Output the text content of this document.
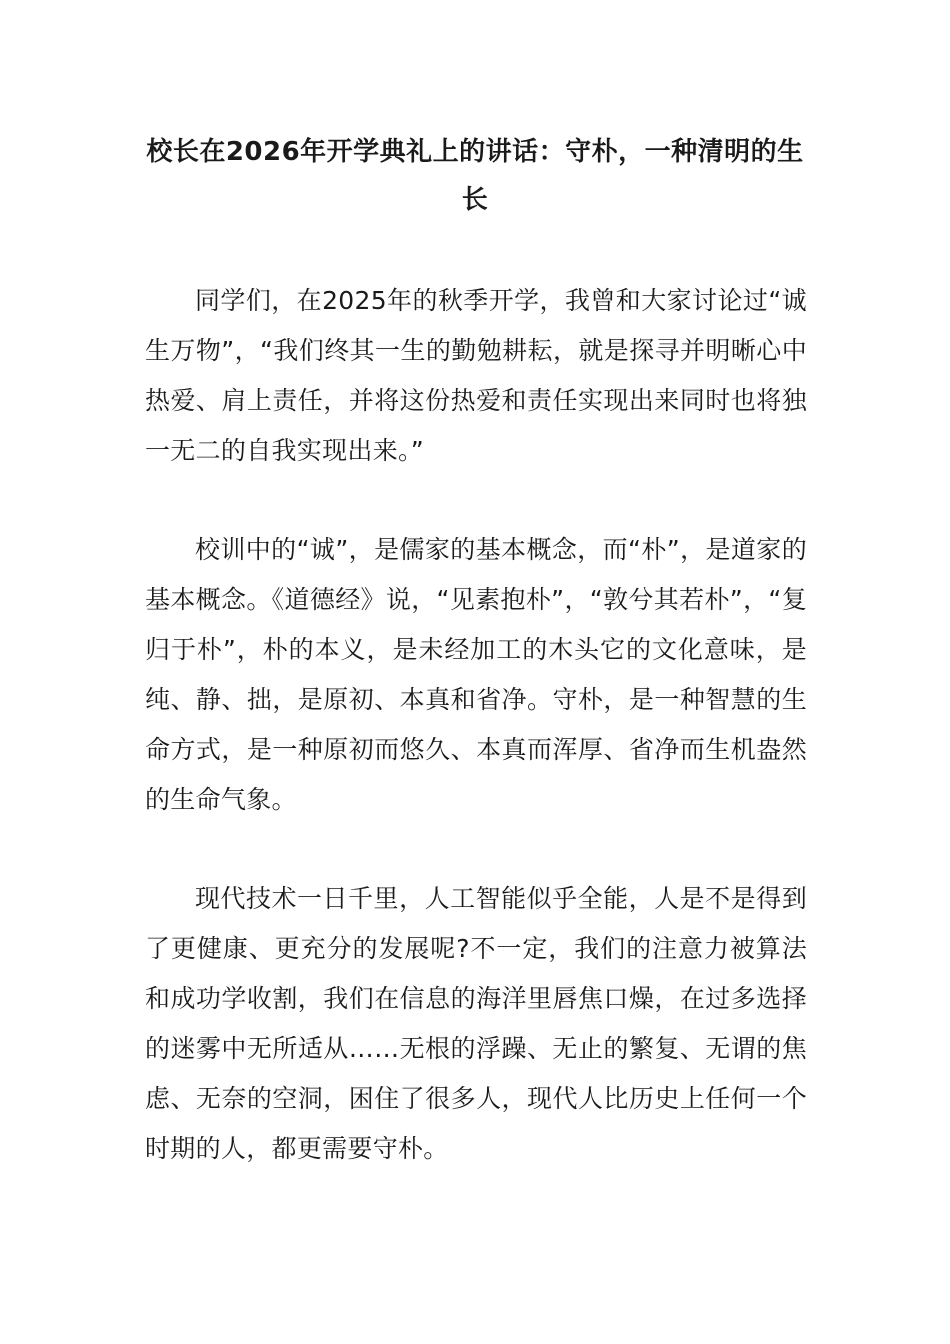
校长在2026年开学典礼上的讲话：守朴，一种清明的生长

同学们，在2025年的秋季开学，我曾和大家讨论过“诚生万物”，“我们终其一生的勤勉耕耘，就是探寻并明晰心中热爱、肩上责任，并将这份热爱和责任实现出来同时也将独一无二的自我实现出来。”

校训中的“诚”，是儒家的基本概念，而“朴”，是道家的基本概念。《道德经》说，“见素抱朴”，“敦兮其若朴”，“复归于朴”，朴的本义，是未经加工的木头它的文化意味，是纯、静、拙，是原初、本真和省净。守朴，是一种智慧的生命方式，是一种原初而悠久、本真而浑厚、省净而生机盎然的生命气象。

现代技术一日千里，人工智能似乎全能，人是不是得到了更健康、更充分的发展呢?不一定，我们的注意力被算法和成功学收割，我们在信息的海洋里唇焦口燥，在过多选择的迷雾中无所适从……无根的浮躁、无止的繁复、无谓的焦虑、无奈的空洞，困住了很多人，现代人比历史上任何一个时期的人，都更需要守朴。
